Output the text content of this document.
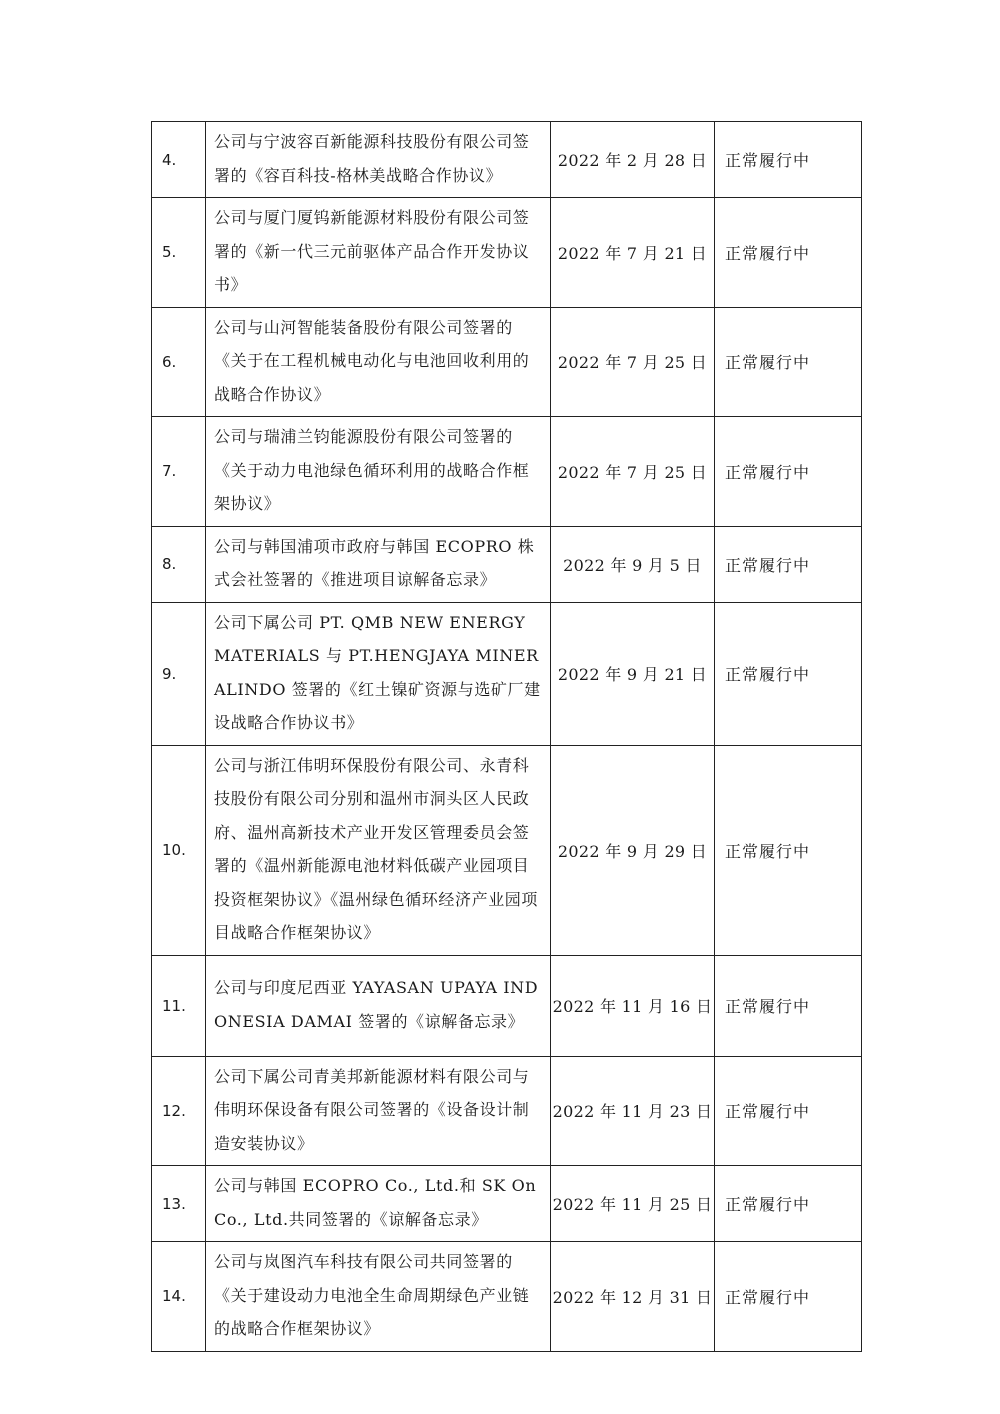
4.	公司与宁波容百新能源科技股份有限公司签署的《容百科技-格林美战略合作协议》	2022 年 2 月 28 日	正常履行中
5.	公司与厦门厦钨新能源材料股份有限公司签署的《新一代三元前驱体产品合作开发协议书》	2022 年 7 月 21 日	正常履行中
6.	公司与山河智能装备股份有限公司签署的《关于在工程机械电动化与电池回收利用的战略合作协议》	2022 年 7 月 25 日	正常履行中
7.	公司与瑞浦兰钧能源股份有限公司签署的《关于动力电池绿色循环利用的战略合作框架协议》	2022 年 7 月 25 日	正常履行中
8.	公司与韩国浦项市政府与韩国 ECOPRO 株式会社签署的《推进项目谅解备忘录》	2022 年 9 月 5 日	正常履行中
9.	公司下属公司 PT. QMB NEW ENERGY MATERIALS 与 PT.HENGJAYA MINERALINDO 签署的《红土镍矿资源与选矿厂建设战略合作协议书》	2022 年 9 月 21 日	正常履行中
10.	公司与浙江伟明环保股份有限公司、永青科技股份有限公司分别和温州市洞头区人民政府、温州高新技术产业开发区管理委员会签署的《温州新能源电池材料低碳产业园项目投资框架协议》《温州绿色循环经济产业园项目战略合作框架协议》	2022 年 9 月 29 日	正常履行中
11.	公司与印度尼西亚 YAYASAN UPAYA INDONESIA DAMAI 签署的《谅解备忘录》	2022 年 11 月 16 日	正常履行中
12.	公司下属公司青美邦新能源材料有限公司与伟明环保设备有限公司签署的《设备设计制造安装协议》	2022 年 11 月 23 日	正常履行中
13.	公司与韩国 ECOPRO Co., Ltd.和 SK On Co., Ltd.共同签署的《谅解备忘录》	2022 年 11 月 25 日	正常履行中
14.	公司与岚图汽车科技有限公司共同签署的《关于建设动力电池全生命周期绿色产业链的战略合作框架协议》	2022 年 12 月 31 日	正常履行中
